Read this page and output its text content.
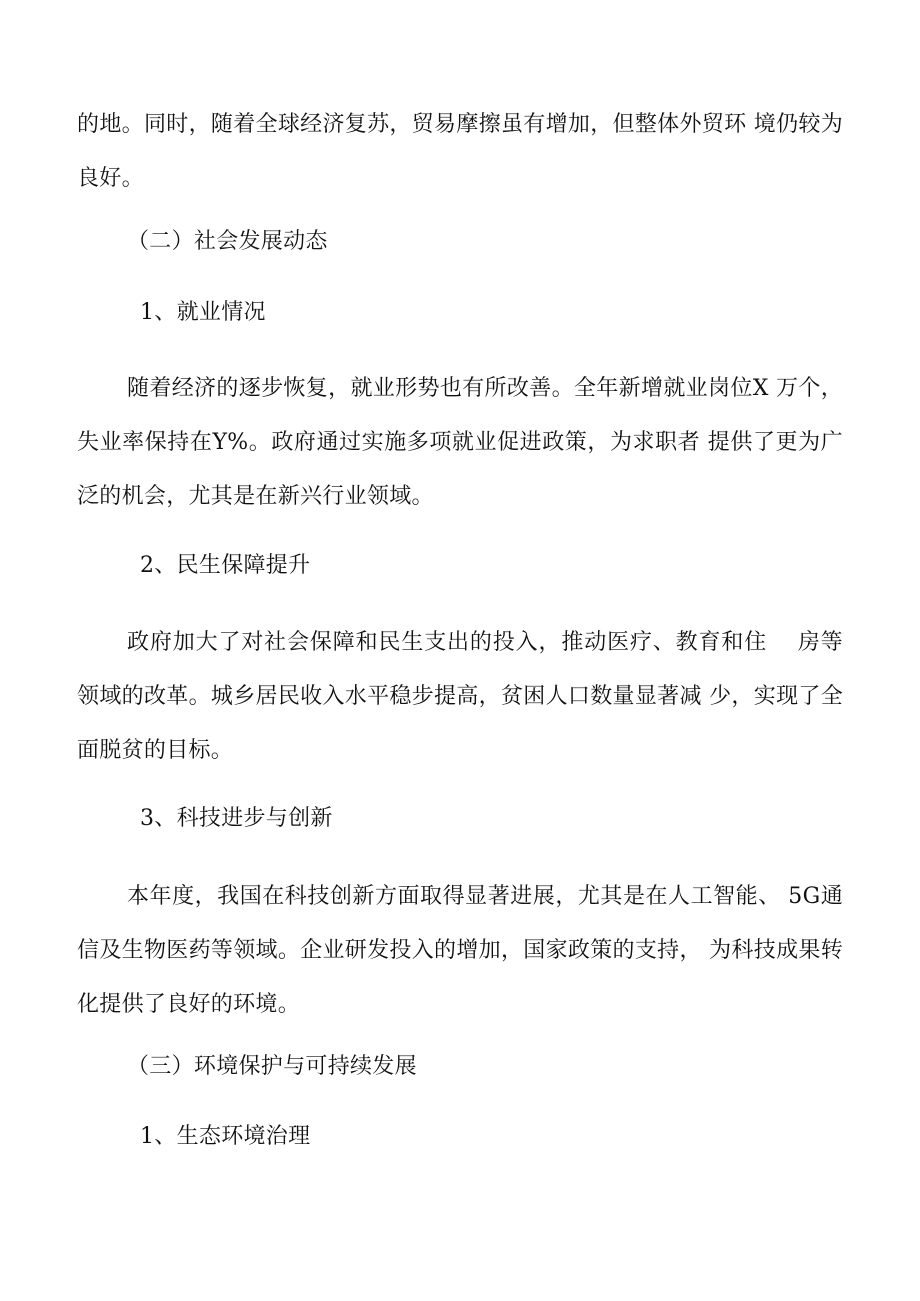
的地。同时，随着全球经济复苏，贸易摩擦虽有增加，但整体外贸环 境仍较为良好。

（二）社会发展动态

1、就业情况

随着经济的逐步恢复，就业形势也有所改善。全年新增就业岗位X 万个，失业率保持在Y%。政府通过实施多项就业促进政策，为求职者 提供了更为广泛的机会，尤其是在新兴行业领域。

2、民生保障提升

政府加大了对社会保障和民生支出的投入，推动医疗、教育和住　 房等领域的改革。城乡居民收入水平稳步提高，贫困人口数量显著减 少，实现了全面脱贫的目标。

3、科技进步与创新

本年度，我国在科技创新方面取得显著进展，尤其是在人工智能、 5G通信及生物医药等领域。企业研发投入的增加，国家政策的支持， 为科技成果转化提供了良好的环境。

（三）环境保护与可持续发展

1、生态环境治理
